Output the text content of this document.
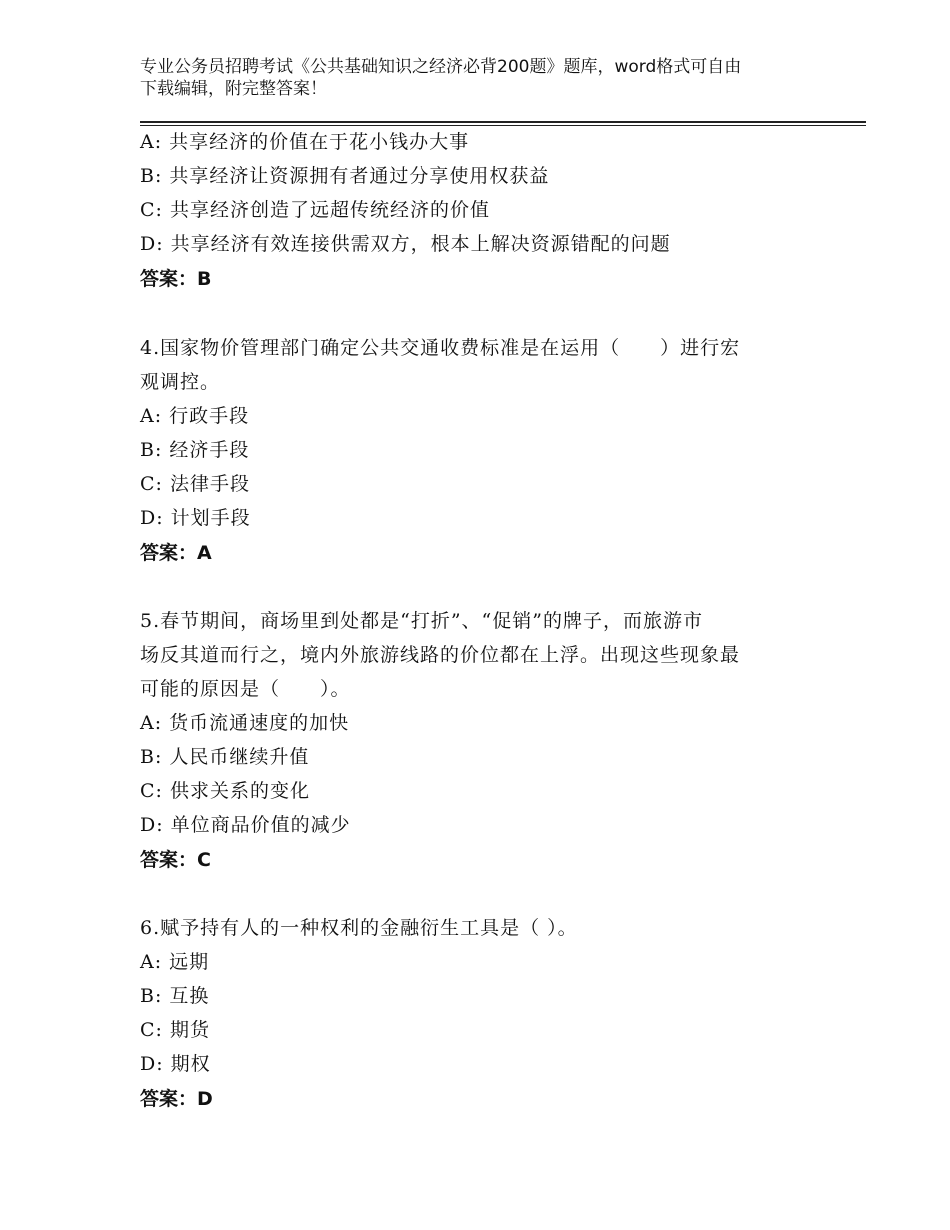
专业公务员招聘考试《公共基础知识之经济必背200题》题库，word格式可自由
下载编辑，附完整答案！
A: 共享经济的价值在于花小钱办大事
B: 共享经济让资源拥有者通过分享使用权获益
C: 共享经济创造了远超传统经济的价值
D: 共享经济有效连接供需双方，根本上解决资源错配的问题
答案：B
4.国家物价管理部门确定公共交通收费标准是在运用（　　）进行宏
观调控。
A: 行政手段
B: 经济手段
C: 法律手段
D: 计划手段
答案：A
5.春节期间，商场里到处都是“打折”、“促销”的牌子，而旅游市
场反其道而行之，境内外旅游线路的价位都在上浮。出现这些现象最
可能的原因是（　　）。
A: 货币流通速度的加快
B: 人民币继续升值
C: 供求关系的变化
D: 单位商品价值的减少
答案：C
6.赋予持有人的一种权利的金融衍生工具是（ ）。
A: 远期
B: 互换
C: 期货
D: 期权
答案：D
